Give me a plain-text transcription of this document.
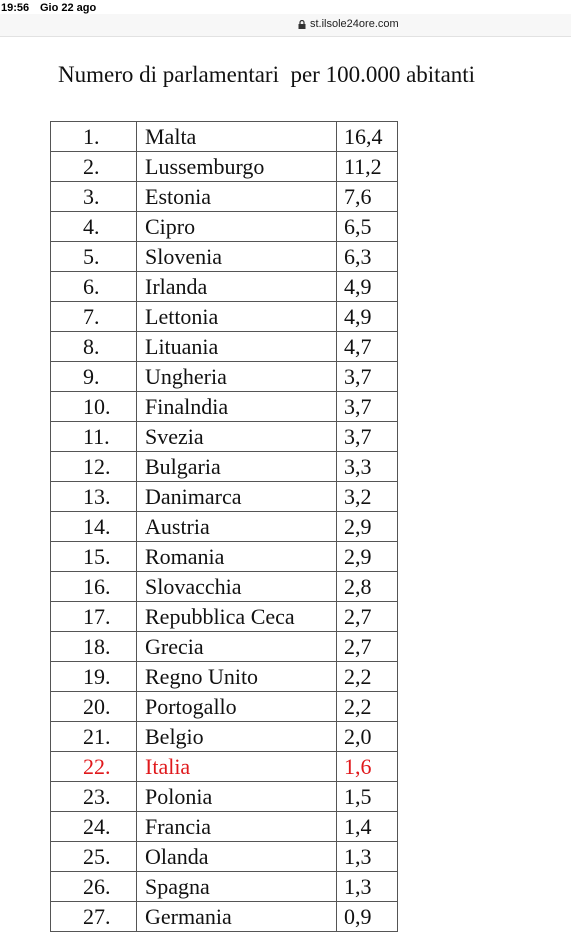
19:56 Gio 22 ago
st.ilsole24ore.com
Numero di parlamentari  per 100.000 abitanti
1.	Malta	16,4
2.	Lussemburgo	11,2
3.	Estonia	7,6
4.	Cipro	6,5
5.	Slovenia	6,3
6.	Irlanda	4,9
7.	Lettonia	4,9
8.	Lituania	4,7
9.	Ungheria	3,7
10.	Finalndia	3,7
11.	Svezia	3,7
12.	Bulgaria	3,3
13.	Danimarca	3,2
14.	Austria	2,9
15.	Romania	2,9
16.	Slovacchia	2,8
17.	Repubblica Ceca	2,7
18.	Grecia	2,7
19.	Regno Unito	2,2
20.	Portogallo	2,2
21.	Belgio	2,0
22.	Italia	1,6
23.	Polonia	1,5
24.	Francia	1,4
25.	Olanda	1,3
26.	Spagna	1,3
27.	Germania	0,9
